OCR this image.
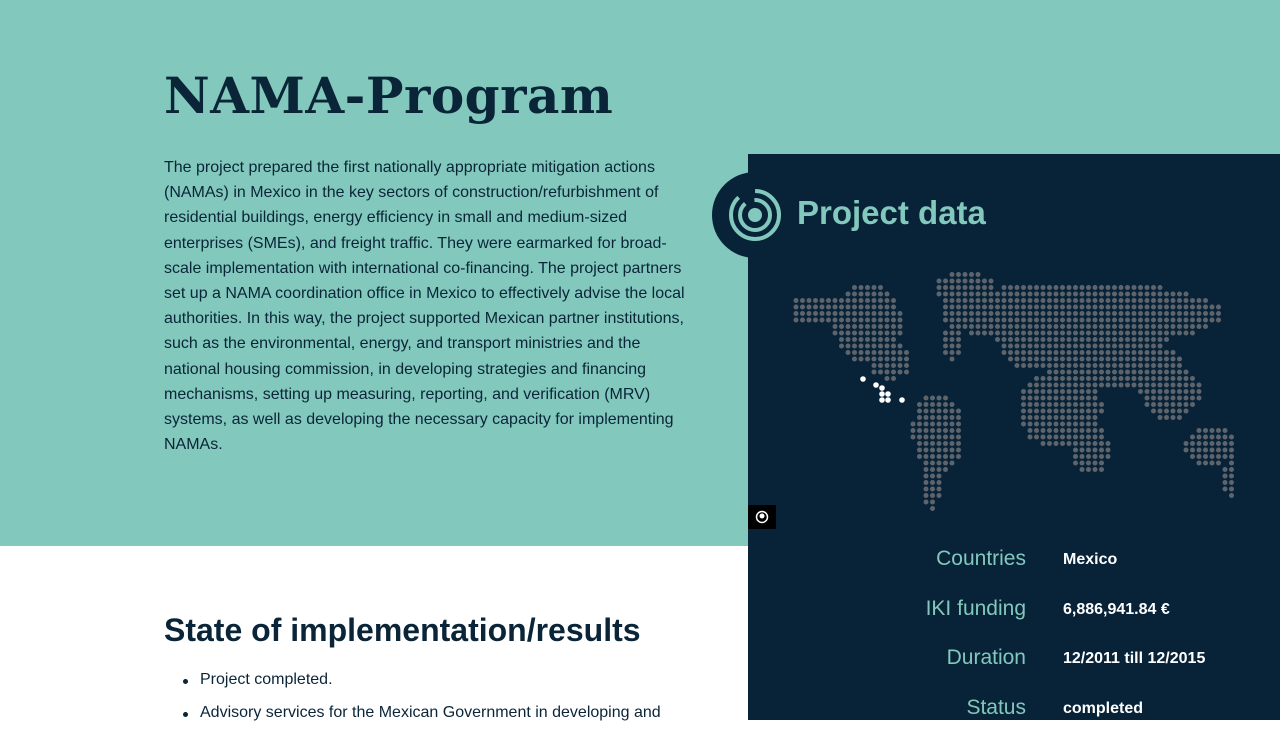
NAMA-Program

The project prepared the first nationally appropriate mitigation actions (NAMAs) in Mexico in the key sectors of construction/refurbishment of residential buildings, energy efficiency in small and medium-sized enterprises (SMEs), and freight traffic. They were earmarked for broad-scale implementation with international co-financing. The project partners set up a NAMA coordination office in Mexico to effectively advise the local authorities. In this way, the project supported Mexican partner institutions, such as the environmental, energy, and transport ministries and the national housing commission, in developing strategies and financing mechanisms, setting up measuring, reporting, and verification (MRV) systems, as well as developing the necessary capacity for implementing NAMAs.

Project data
Countries Mexico
IKI funding 6,886,941.84 €
Duration 12/2011 till 12/2015
Status completed
State of implementation/results
Project completed.
Advisory services for the Mexican Government in developing and
